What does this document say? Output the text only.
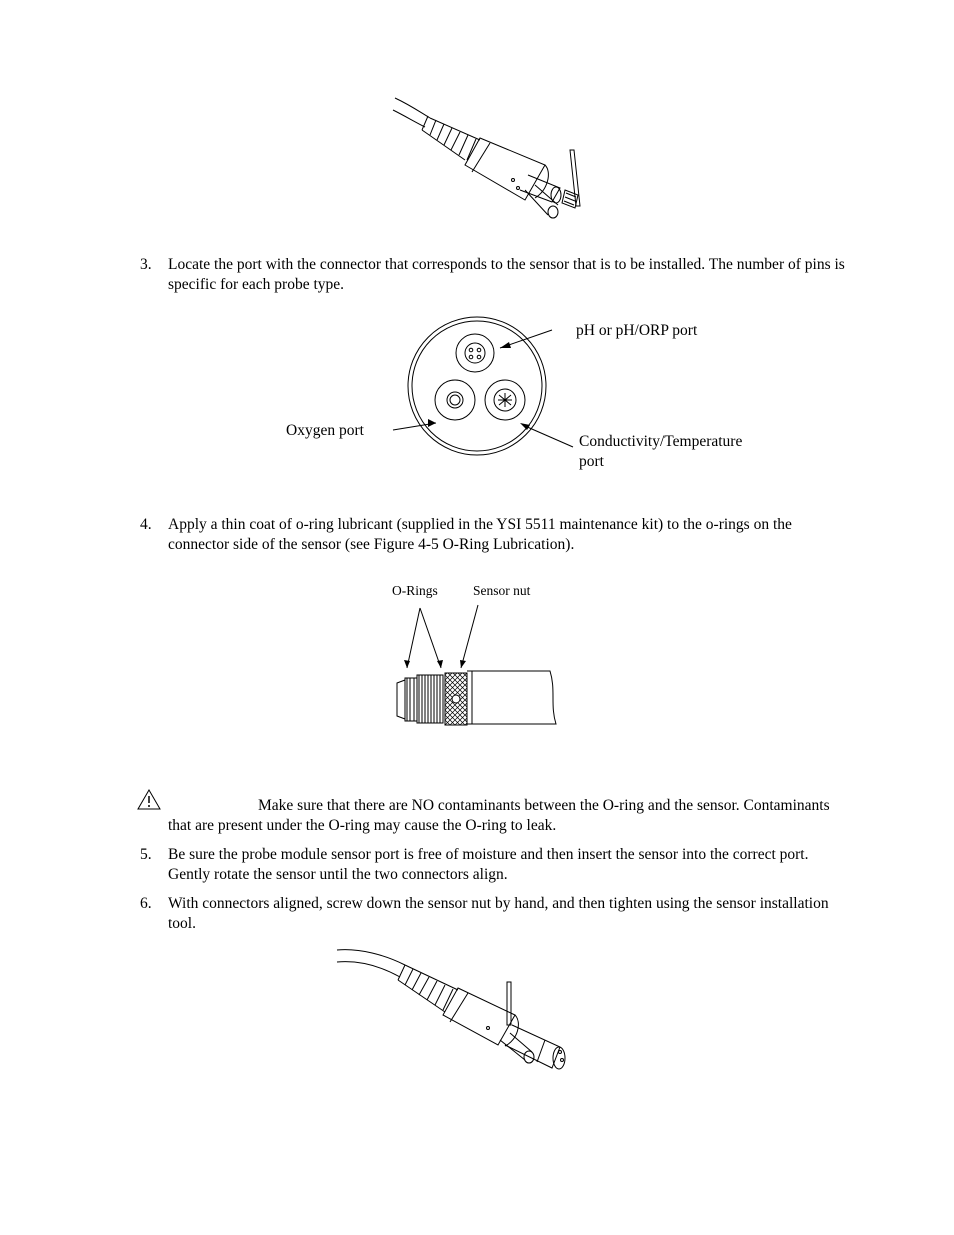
3. Locate the port with the connector that corresponds to the sensor that is to be installed. The number of pins is specific for each probe type.
pH or pH/ORP port
Oxygen port
Conductivity/Temperature port
4. Apply a thin coat of o-ring lubricant (supplied in the YSI 5511 maintenance kit) to the o-rings on the connector side of the sensor (see Figure 4-5 O-Ring Lubrication).
O-Rings	Sensor nut
Make sure that there are NO contaminants between the O-ring and the sensor. Contaminants that are present under the O-ring may cause the O-ring to leak.
5. Be sure the probe module sensor port is free of moisture and then insert the sensor into the correct port. Gently rotate the sensor until the two connectors align.
6. With connectors aligned, screw down the sensor nut by hand, and then tighten using the sensor installation tool.
